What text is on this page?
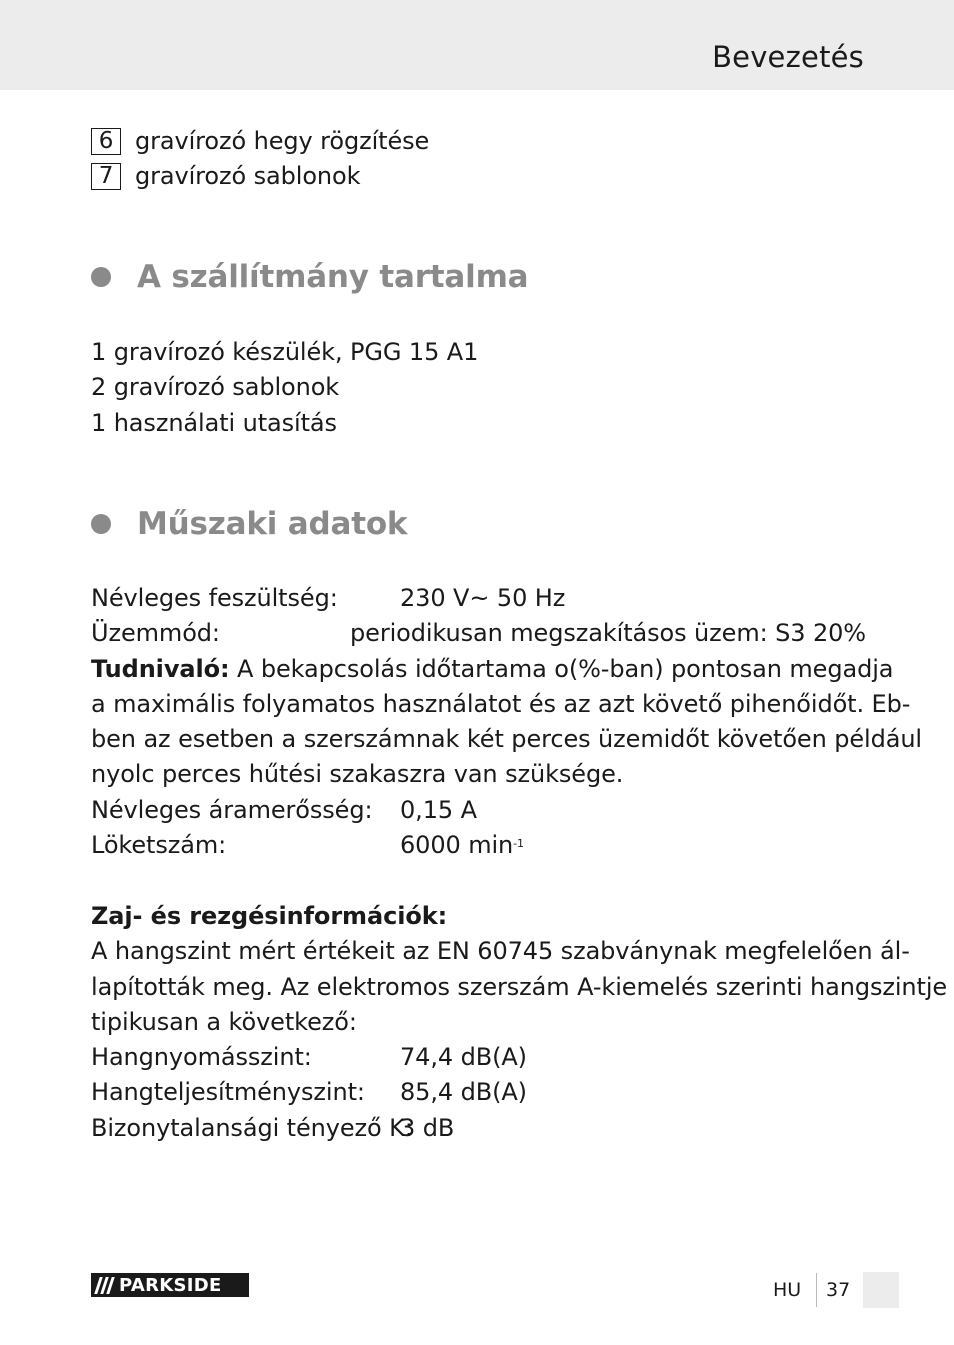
Bevezetés
6 gravírozó hegy rögzítése
7 gravírozó sablonok
A szállítmány tartalma
1 gravírozó készülék, PGG 15 A1
2 gravírozó sablonok
1 használati utasítás
Műszaki adatok
Névleges feszültség:	230 V~ 50 Hz
Üzemmód:	periodikusan megszakításos üzem: S3 20%
Tudnivaló: A bekapcsolás időtartama o(%-ban) pontosan megadja
a maximális folyamatos használatot és az azt követő pihenőidőt. Eb-
ben az esetben a szerszámnak két perces üzemidőt követően például
nyolc perces hűtési szakaszra van szüksége.
Névleges áramerősség:	0,15 A
Löketszám:	6000 $\min^{-1}$
Zaj- és rezgésinformációk:
A hangszint mért értékeit az EN 60745 szabványnak megfelelően ál-
lapították meg. Az elektromos szerszám A-kiemelés szerinti hangszintje
tipikusan a következő:
Hangnyomásszint:	74,4 dB(A)
Hangteljesítményszint:	85,4 dB(A)
Bizonytalansági tényező K:
3 dB
PARKSIDE	HU 37
